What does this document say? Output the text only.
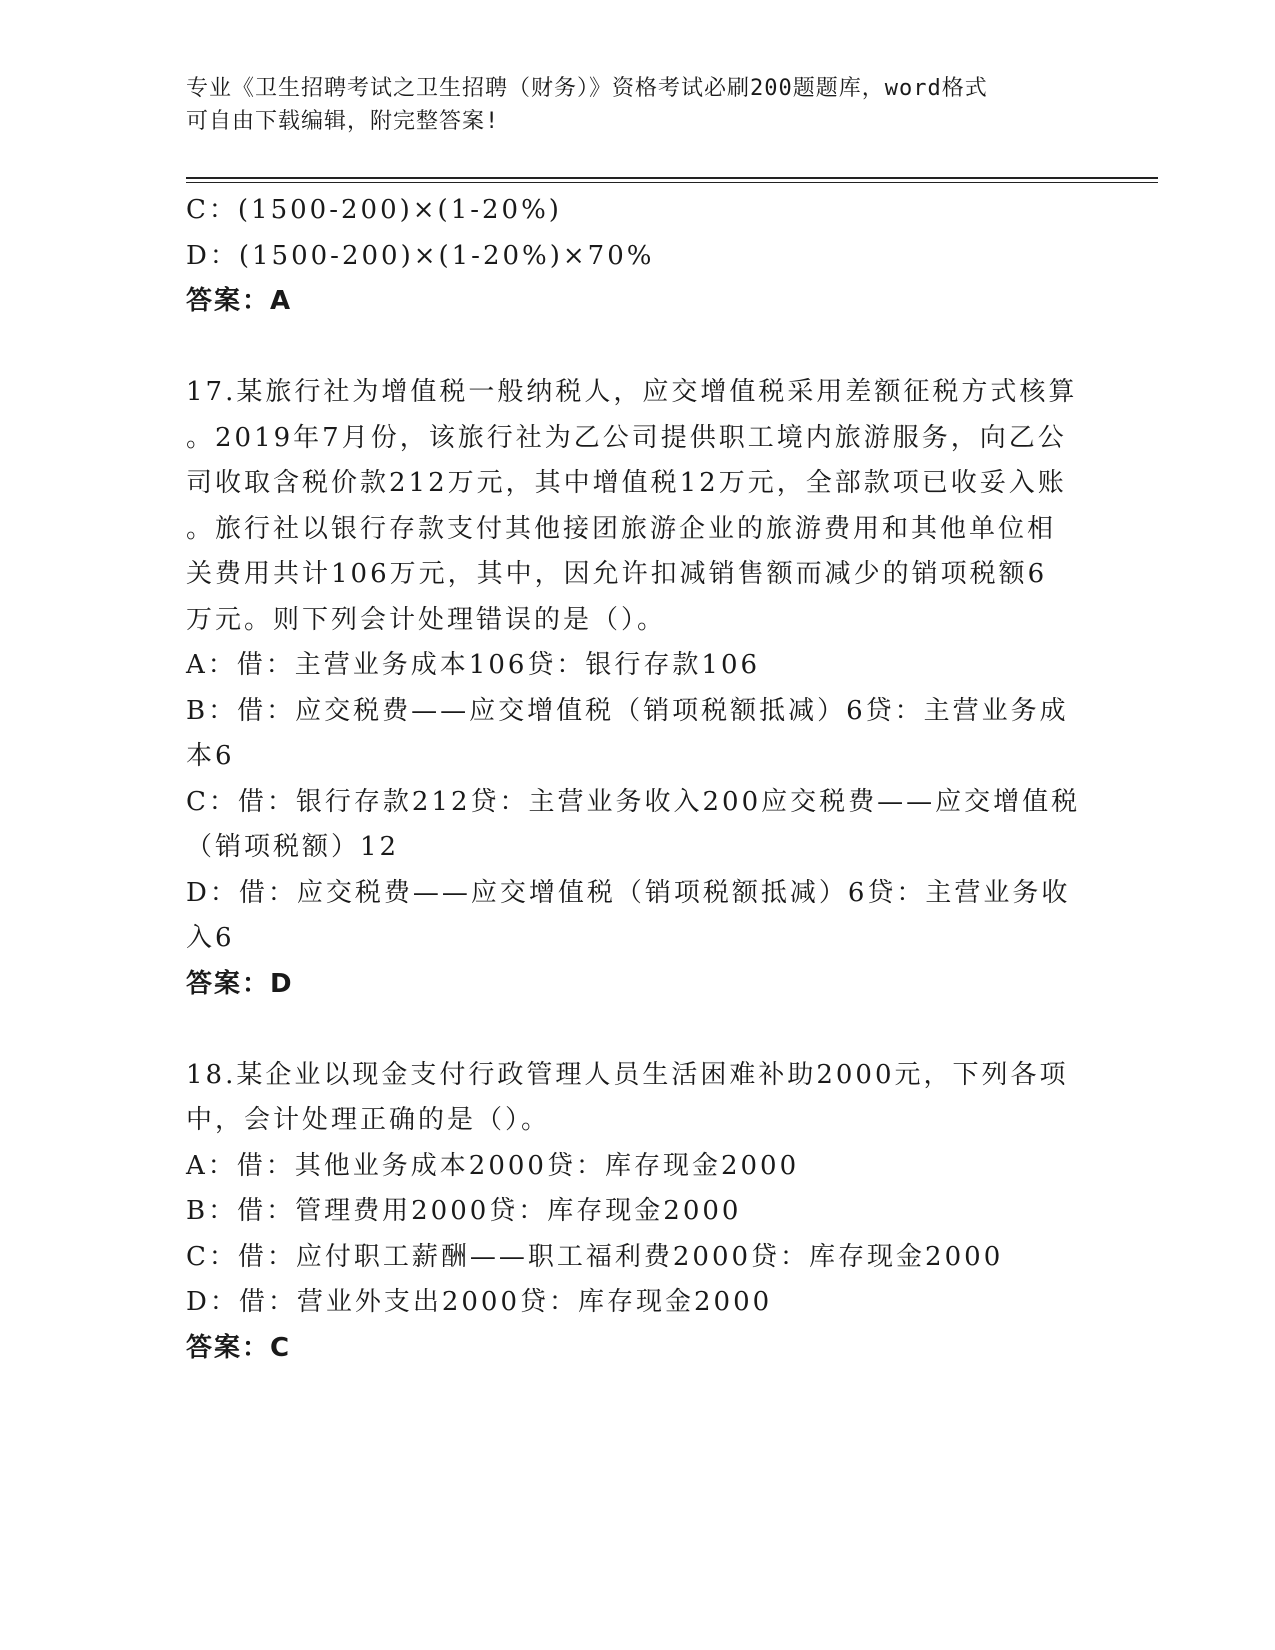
专业《卫生招聘考试之卫生招聘（财务）》资格考试必刷200题题库，word格式
可自由下载编辑，附完整答案!
C：(1500-200)×(1-20%)
D：(1500-200)×(1-20%)×70%
答案：A
17.某旅行社为增值税一般纳税人，应交增值税采用差额征税方式核算
。2019年7月份，该旅行社为乙公司提供职工境内旅游服务，向乙公
司收取含税价款212万元，其中增值税12万元，全部款项已收妥入账
。旅行社以银行存款支付其他接团旅游企业的旅游费用和其他单位相
关费用共计106万元，其中，因允许扣减销售额而减少的销项税额6
万元。则下列会计处理错误的是（）。
A：借：主营业务成本106贷：银行存款106
B：借：应交税费——应交增值税（销项税额抵减）6贷：主营业务成
本6
C：借：银行存款212贷：主营业务收入200应交税费——应交增值税
（销项税额）12
D：借：应交税费——应交增值税（销项税额抵减）6贷：主营业务收
入6
答案：D
18.某企业以现金支付行政管理人员生活困难补助2000元，下列各项
中，会计处理正确的是（）。
A：借：其他业务成本2000贷：库存现金2000
B：借：管理费用2000贷：库存现金2000
C：借：应付职工薪酬——职工福利费2000贷：库存现金2000
D：借：营业外支出2000贷：库存现金2000
答案：C
